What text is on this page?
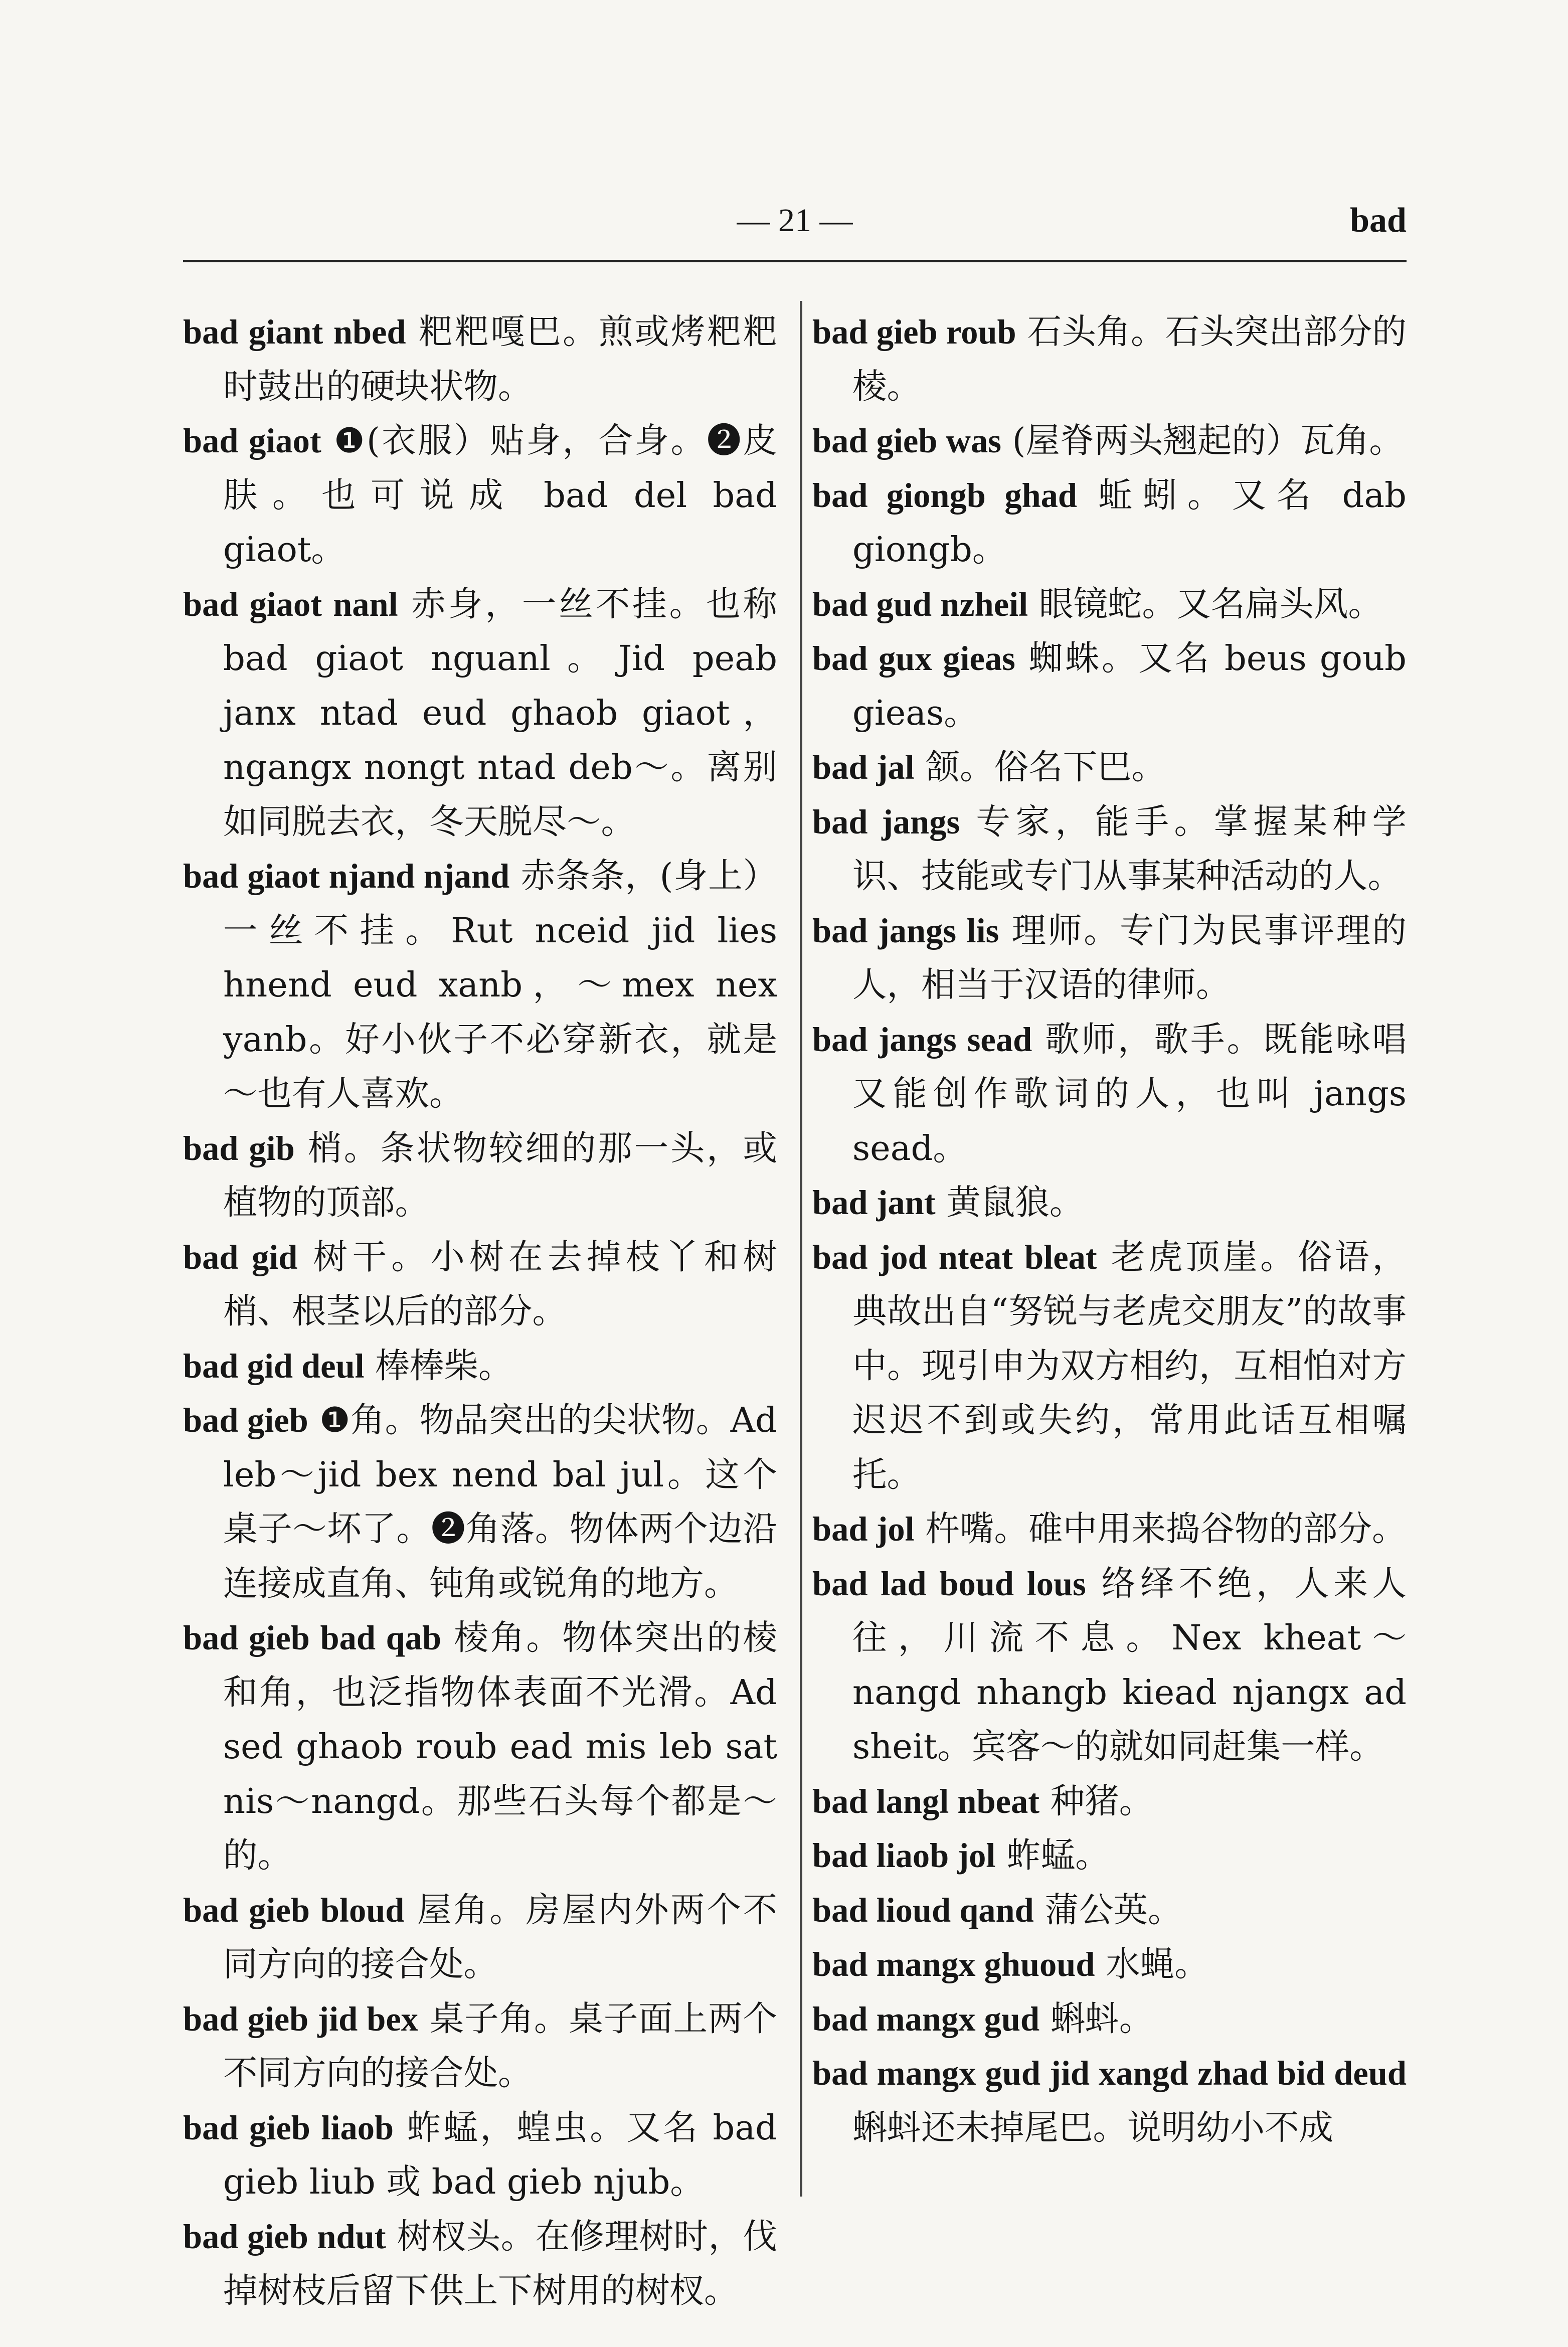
— 21 —	bad
bad giant nbed 粑粑嘎巴。煎或烤粑粑时鼓出的硬块状物。
bad giaot ❶(衣服）贴身，合身。❷皮肤。也可说成 bad del bad giaot。
bad giaot nanl 赤身，一丝不挂。也称 bad giaot nguanl。Jid peab janx ntad eud ghaob giaot，ngangx nongt ntad deb～。离别如同脱去衣，冬天脱尽～。
bad giaot njand njand 赤条条，(身上）一丝不挂。Rut nceid jid lies hnend eud xanb，～mex nex yanb。好小伙子不必穿新衣，就是～也有人喜欢。
bad gib 梢。条状物较细的那一头，或植物的顶部。
bad gid 树干。小树在去掉枝丫和树梢、根茎以后的部分。
bad gid deul 棒棒柴。
bad gieb ❶角。物品突出的尖状物。Ad leb～jid bex nend bal jul。这个桌子～坏了。❷角落。物体两个边沿连接成直角、钝角或锐角的地方。
bad gieb bad qab 棱角。物体突出的棱和角，也泛指物体表面不光滑。Ad sed ghaob roub ead mis leb sat nis～nangd。那些石头每个都是～的。
bad gieb bloud 屋角。房屋内外两个不同方向的接合处。
bad gieb jid bex 桌子角。桌子面上两个不同方向的接合处。
bad gieb liaob 蚱蜢，蝗虫。又名 bad gieb liub 或 bad gieb njub。
bad gieb ndut 树杈头。在修理树时，伐掉树枝后留下供上下树用的树杈。
bad gieb roub 石头角。石头突出部分的棱。
bad gieb was (屋脊两头翘起的）瓦角。
bad giongb ghad 蚯蚓。又名 dab giongb。
bad gud nzheil 眼镜蛇。又名扁头风。
bad gux gieas 蜘蛛。又名 beus goub gieas。
bad jal 颔。俗名下巴。
bad jangs 专家，能手。掌握某种学识、技能或专门从事某种活动的人。
bad jangs lis 理师。专门为民事评理的人，相当于汉语的律师。
bad jangs sead 歌师，歌手。既能咏唱又能创作歌词的人，也叫 jangs sead。
bad jant 黄鼠狼。
bad jod nteat bleat 老虎顶崖。俗语，典故出自“努锐与老虎交朋友”的故事中。现引申为双方相约，互相怕对方迟迟不到或失约，常用此话互相嘱托。
bad jol 杵嘴。碓中用来捣谷物的部分。
bad lad boud lous 络绎不绝，人来人往，川流不息。Nex kheat～nangd nhangb kiead njangx ad sheit。宾客～的就如同赶集一样。
bad langl nbeat 种猪。
bad liaob jol 蚱蜢。
bad lioud qand 蒲公英。
bad mangx ghuoud 水蝇。
bad mangx gud 蝌蚪。
bad mangx gud jid xangd zhad bid deud 蝌蚪还未掉尾巴。说明幼小不成
